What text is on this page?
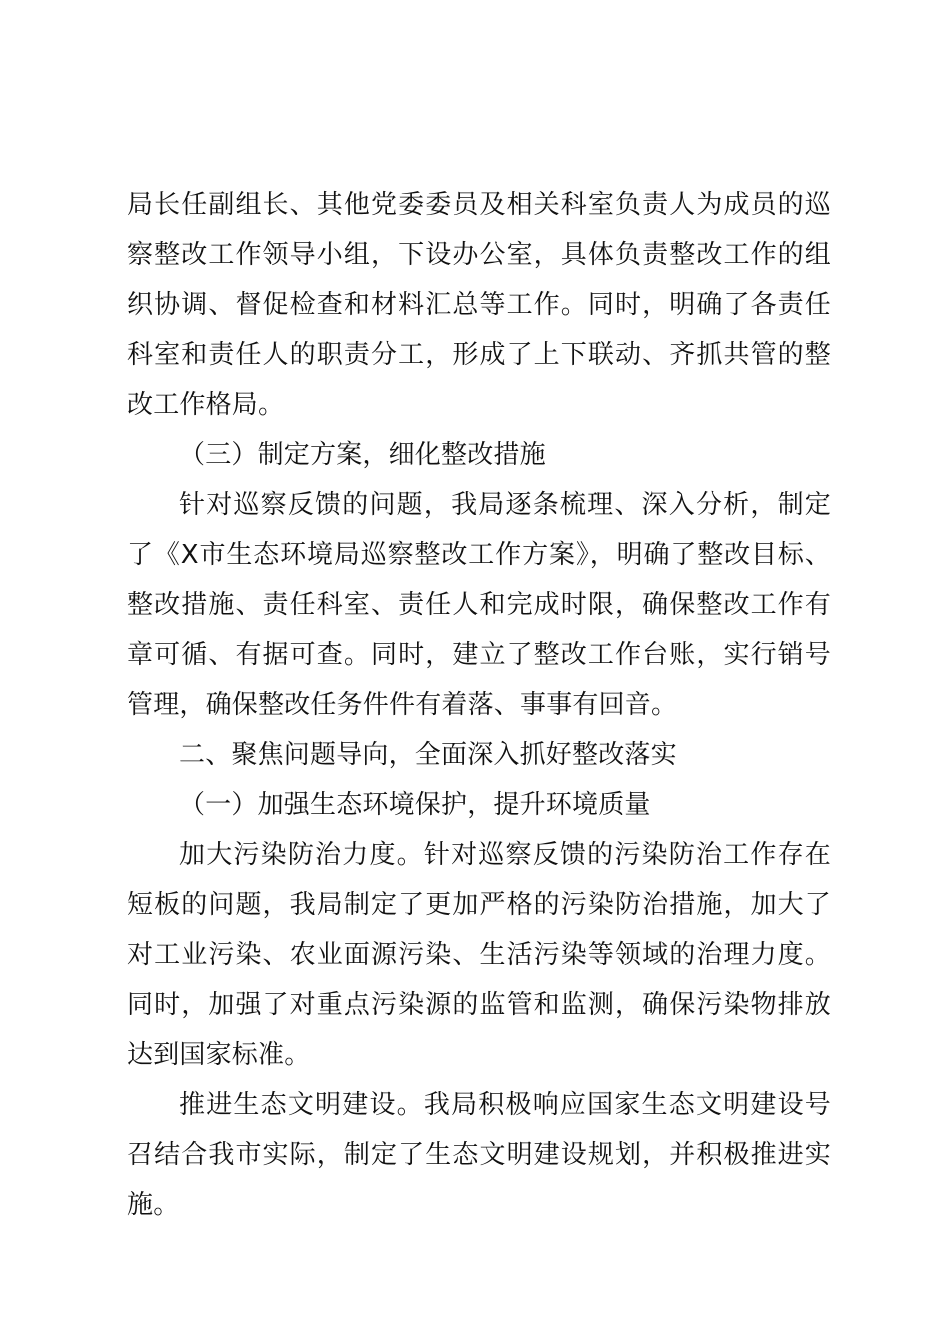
局长任副组长、其他党委委员及相关科室负责人为成员的巡察整改工作领导小组，下设办公室，具体负责整改工作的组织协调、督促检查和材料汇总等工作。同时，明确了各责任科室和责任人的职责分工，形成了上下联动、齐抓共管的整改工作格局。

（三）制定方案，细化整改措施

针对巡察反馈的问题，我局逐条梳理、深入分析，制定了《X市生态环境局巡察整改工作方案》，明确了整改目标、整改措施、责任科室、责任人和完成时限，确保整改工作有章可循、有据可查。同时，建立了整改工作台账，实行销号管理，确保整改任务件件有着落、事事有回音。

二、聚焦问题导向，全面深入抓好整改落实

（一）加强生态环境保护，提升环境质量

加大污染防治力度。针对巡察反馈的污染防治工作存在短板的问题，我局制定了更加严格的污染防治措施，加大了对工业污染、农业面源污染、生活污染等领域的治理力度。同时，加强了对重点污染源的监管和监测，确保污染物排放达到国家标准。

推进生态文明建设。我局积极响应国家生态文明建设号召结合我市实际，制定了生态文明建设规划，并积极推进实施。
